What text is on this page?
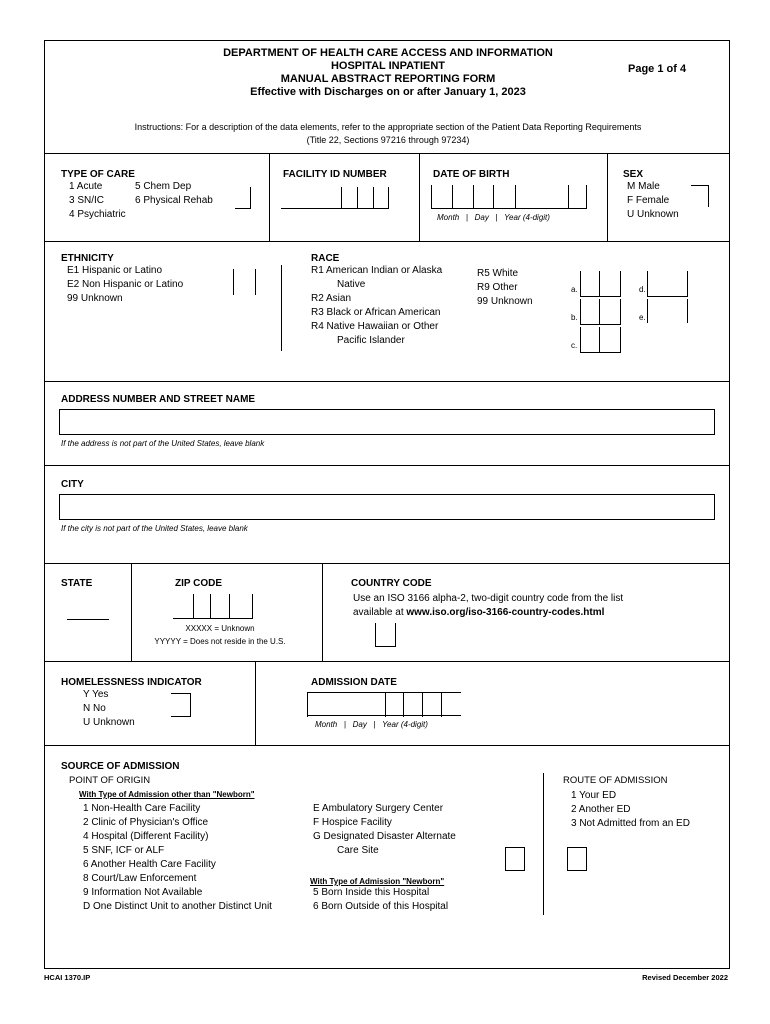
DEPARTMENT OF HEALTH CARE ACCESS AND INFORMATION
HOSPITAL INPATIENT
MANUAL ABSTRACT REPORTING FORM
Effective with Discharges on or after January 1, 2023
Page 1 of 4
Instructions: For a description of the data elements, refer to the appropriate section of the Patient Data Reporting Requirements
(Title 22, Sections 97216 through 97234)
TYPE OF CARE
1 Acute	5 Chem Dep

3 SN/IC	6 Physical Rehab

4 Psychiatric
FACILITY ID NUMBER	DATE OF BIRTH
Month   |   Day   |   Year (4-digit)
SEX
M Male
F Female
U Unknown
ETHNICITY
E1 Hispanic or Latino
E2 Non Hispanic or Latino
99 Unknown
RACE
R1 American Indian or Alaska
Native
R2 Asian
R3 Black or African American
R4 Native Hawaiian or Other
Pacific Islander
R5 White
R9 Other
99 Unknown
a.
b.
c.
d.
e.
ADDRESS NUMBER AND STREET NAME
If the address is not part of the United States, leave blank
CITY
If the city is not part of the United States, leave blank
STATE	ZIP CODE
XXXXX = Unknown
YYYYY = Does not reside in the U.S.
COUNTRY CODE
Use an ISO 3166 alpha-2, two-digit country code from the list
available at www.iso.org/iso-3166-country-codes.html
HOMELESSNESS INDICATOR
Y Yes
N No
U Unknown
ADMISSION DATE
Month   |   Day   |   Year (4-digit)
SOURCE OF ADMISSION
POINT OF ORIGIN
With Type of Admission other than "Newborn"
1 Non-Health Care Facility
2 Clinic of Physician's Office
4 Hospital (Different Facility)
5 SNF, ICF or ALF
6 Another Health Care Facility
8 Court/Law Enforcement
9 Information Not Available
D One Distinct Unit to another Distinct Unit
E Ambulatory Surgery Center
F Hospice Facility
G Designated Disaster Alternate
Care Site
With Type of Admission "Newborn"
5 Born Inside this Hospital
6 Born Outside of this Hospital
ROUTE OF ADMISSION
1 Your ED
2 Another ED
3 Not Admitted from an ED
HCAI 1370.IP	Revised December 2022
